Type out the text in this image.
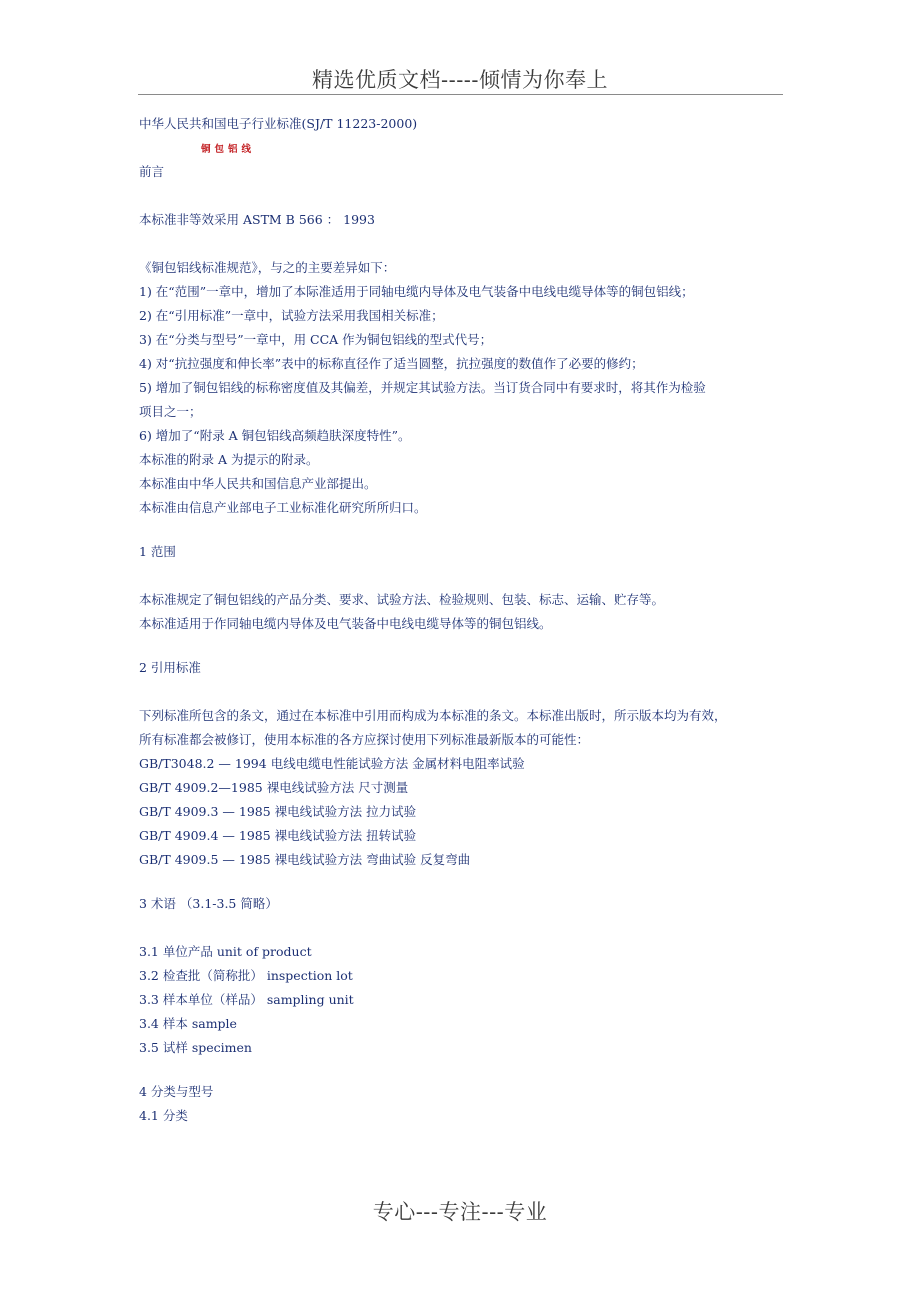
精选优质文档-----倾情为你奉上
中华人民共和国电子行业标准(SJ/T 11223-2000)
铜包铝线
前言
本标准非等效采用 ASTM B 566 ： 1993
《铜包铝线标准规范》，与之的主要差异如下：
1) 在“范围”一章中，增加了本际准适用于同轴电缆内导体及电气装备中电线电缆导体等的铜包铝线；
2) 在“引用标准”一章中，试验方法采用我国相关标准；
3) 在“分类与型号”一章中，用 CCA 作为铜包铝线的型式代号；
4) 对“抗拉强度和伸长率”表中的标称直径作了适当圆整，抗拉强度的数值作了必要的修约；
5) 增加了铜包铝线的标称密度值及其偏差，并规定其试验方法。当订货合同中有要求时，将其作为检验
项目之一；
6) 增加了“附录 A 铜包铝线高频趋肤深度特性”。
本标准的附录 A 为提示的附录。
本标准由中华人民共和国信息产业部提出。
本标准由信息产业部电子工业标准化研究所所归口。
1 范围
本标准规定了铜包铝线的产品分类、要求、试验方法、检验规则、包装、标志、运输、贮存等。
本标准适用于作同轴电缆内导体及电气装备中电线电缆导体等的铜包铝线。
2 引用标准
下列标准所包含的条文，通过在本标准中引用而构成为本标准的条文。本标准出版时，所示版本均为有效，
所有标准都会被修订，使用本标准的各方应探讨使用下列标准最新版本的可能性：
GB/T3048.2 — 1994 电线电缆电性能试验方法 金属材料电阻率试验
GB/T 4909.2—1985 裸电线试验方法 尺寸测量
GB/T 4909.3 — 1985 裸电线试验方法 拉力试验
GB/T 4909.4 — 1985 裸电线试验方法 扭转试验
GB/T 4909.5 — 1985 裸电线试验方法 弯曲试验 反复弯曲
3 术语 （3.1-3.5 简略）
3.1 单位产品 unit of product
3.2 检查批（简称批） inspection lot
3.3 样本单位（样品） sampling unit
3.4 样本 sample
3.5 试样 specimen
4 分类与型号
4.1 分类
专心---专注---专业
